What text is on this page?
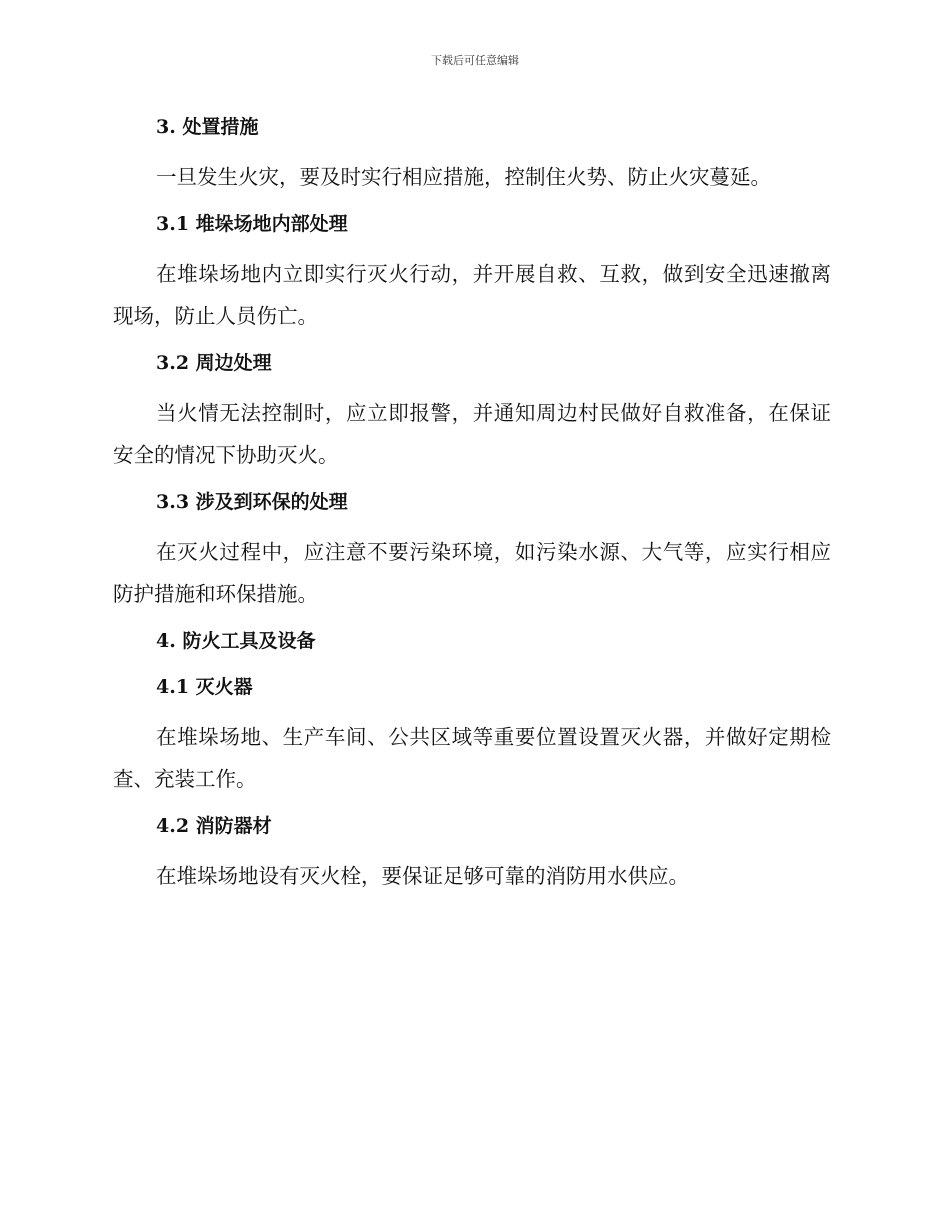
下载后可任意编辑
3. 处置措施

一旦发生火灾，要及时实行相应措施，控制住火势、防止火灾蔓延。

3.1 堆垛场地内部处理

在堆垛场地内立即实行灭火行动，并开展自救、互救，做到安全迅速撤离现场，防止人员伤亡。

3.2 周边处理

当火情无法控制时，应立即报警，并通知周边村民做好自救准备，在保证安全的情况下协助灭火。

3.3 涉及到环保的处理

在灭火过程中，应注意不要污染环境，如污染水源、大气等，应实行相应防护措施和环保措施。

4. 防火工具及设备
4.1 灭火器

在堆垛场地、生产车间、公共区域等重要位置设置灭火器，并做好定期检查、充装工作。

4.2 消防器材

在堆垛场地设有灭火栓，要保证足够可靠的消防用水供应。
